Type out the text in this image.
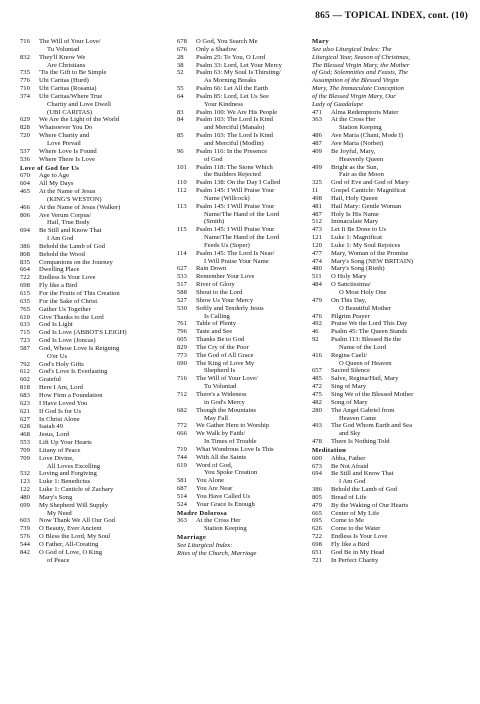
865 — TOPICAL INDEX, cont. (10)
716	The Will of Your Love/
Tu Voluntad
832	They'll Know We
Are Christians
735	'Tis the Gift to Be Simple
776	Ubi Caritas (Hurd)
710	Ubi Caritas (Rosania)
374	Ubi Caritas/Where True
Charity and Love Dwell
(UBI CARITAS)
629	We Are the Light of the World
828	Whatsoever You Do
720	Where Charity and
Love Prevail
537	Where Love Is Found
536	Where There Is Love
Love of God for Us
670	Age to Age
604	All My Days
465	At the Name of Jesus
(KING'S WESTON)
466	At the Name of Jesus (Walker)
806	Ave Verum Corpus/
Hail, True Body
694	Be Still and Know That
I Am God
386	Behold the Lamb of God
808	Behold the Wood
835	Companions on the Journey
664	Dwelling Place
722	Endless Is Your Love
698	Fly like a Bird
615	For the Fruits of This Creation
635	For the Sake of Christ
765	Gather Us Together
610	Give Thanks to the Lord
633	God Is Light
715	God Is Love (ABBOT'S LEIGH)
723	God Is Love (Joncas)
587	God, Whose Love Is Reigning
O'er Us
792	God's Holy Gifts
612	God's Love Is Everlasting
602	Grateful
818	Here I Am, Lord
683	How Firm a Foundation
623	I Have Loved You
621	If God Is for Us
627	In Christ Alone
628	Isaiah 49
468	Jesus, Lord
553	Lift Up Your Hearts
709	Litany of Peace
709	Love Divine,
All Loves Excelling
532	Loving and Forgiving
123	Luke 1: Benedictus
122	Luke 1: Canticle of Zachary
480	Mary's Song
699	My Shepherd Will Supply
My Need
603	Now Thank We All Our God
739	O Beauty, Ever Ancient
576	O Bless the Lord, My Soul
544	O Father, All-Creating
842	O God of Love, O King
of Peace
678	O God, You Search Me
676	Only a Shadow
28	Psalm 25: To You, O Lord
38	Psalm 33: Lord, Let Your Mercy
52	Psalm 63: My Soul Is Thirsting/
As Morning Breaks
55	Psalm 66: Let All the Earth
64	Psalm 85: Lord, Let Us See
Your Kindness
83	Psalm 100: We Are His People
84	Psalm 103: The Lord Is Kind
and Merciful (Manalo)
85	Psalm 103: The Lord Is Kind
and Merciful (Modlin)
96	Psalm 116: In the Presence
of God
101	Psalm 118: The Stone Which
the Builders Rejected
110	Psalm 138: On the Day I Called
112	Psalm 145: I Will Praise Your
Name (Willcock)
113	Psalm 145: I Will Praise Your
Name/The Hand of the Lord
(Smith)
115	Psalm 145: I Will Praise Your
Name/The Hand of the Lord
Feeds Us (Soper)
114	Psalm 145: The Lord Is Near/
I Will Praise Your Name
627	Rain Down
533	Remember Your Love
517	River of Glory
588	Shout to the Lord
527	Show Us Your Mercy
530	Softly and Tenderly Jesus
Is Calling
761	Table of Plenty
796	Taste and See
605	Thanks Be to God
829	The Cry of the Poor
773	The God of All Grace
690	The King of Love My
Shepherd Is
716	The Will of Your Love/
Tu Voluntad
712	There's a Wideness
in God's Mercy
682	Though the Mountains
May Fall
772	We Gather Here to Worship
666	We Walk by Faith/
In Times of Trouble
719	What Wondrous Love Is This
744	With All the Saints
619	Word of God,
You Spoke Creation
581	You Alone
687	You Are Near
514	You Have Called Us
524	Your Grace Is Enough
Madre Dolorosa
363	At the Cross Her
Station Keeping
Marriage
See Liturgical Index:
Rites of the Church, Marriage
Mary
See also Liturgical Index: The
Liturgical Year, Season of Christmas,
The Blessed Virgin Mary, the Mother
of God; Solemnities and Feasts, The
Assumption of the Blessed Virgin
Mary, The Immaculate Conception
of the Blessed Virgin Mary, Our
Lady of Guadalupe
471	Alma Redemptoris Mater
363	At the Cross Her
Station Keeping
486	Ave Maria (Chant, Mode I)
487	Ave Maria (Norbet)
409	Be Joyful, Mary,
Heavenly Queen
499	Bright as the Sun,
Fair as the Moon
325	God of Eve and God of Mary
11	Gospel Canticle: Magnificat
498	Hail, Holy Queen
481	Hail Mary: Gentle Woman
487	Holy Is His Name
512	Immaculate Mary
473	Let It Be Done to Us
121	Luke 1: Magnificat
120	Luke 1: My Soul Rejoices
477	Mary, Woman of the Promise
474	Mary's Song (NEW BRITAIN)
480	Mary's Song (Rieth)
511	O Holy Mary
484	O Sanctissima/
O Most Holy One
479	On This Day,
O Beautiful Mother
476	Pilgrim Prayer
492	Praise We the Lord This Day
46	Psalm 45: The Queen Stands
92	Psalm 113: Blessed Be the
Name of the Lord
416	Regina Caeli/
O Queen of Heaven
657	Sacred Silence
485	Salve, Regina/Hail, Mary
472	Sing of Mary
475	Sing We of the Blessed Mother
482	Song of Mary
280	The Angel Gabriel from
Heaven Came
493	The God Whom Earth and Sea
and Sky
478	There Is Nothing Told
Meditation
600	Abba, Father
673	Be Not Afraid
694	Be Still and Know That
I Am God
386	Behold the Lamb of God
805	Bread of Life
479	By the Waking of Our Hearts
665	Center of My Life
695	Come to Me
626	Come to the Water
722	Endless Is Your Love
698	Fly like a Bird
651	God Be in My Head
721	In Perfect Charity
